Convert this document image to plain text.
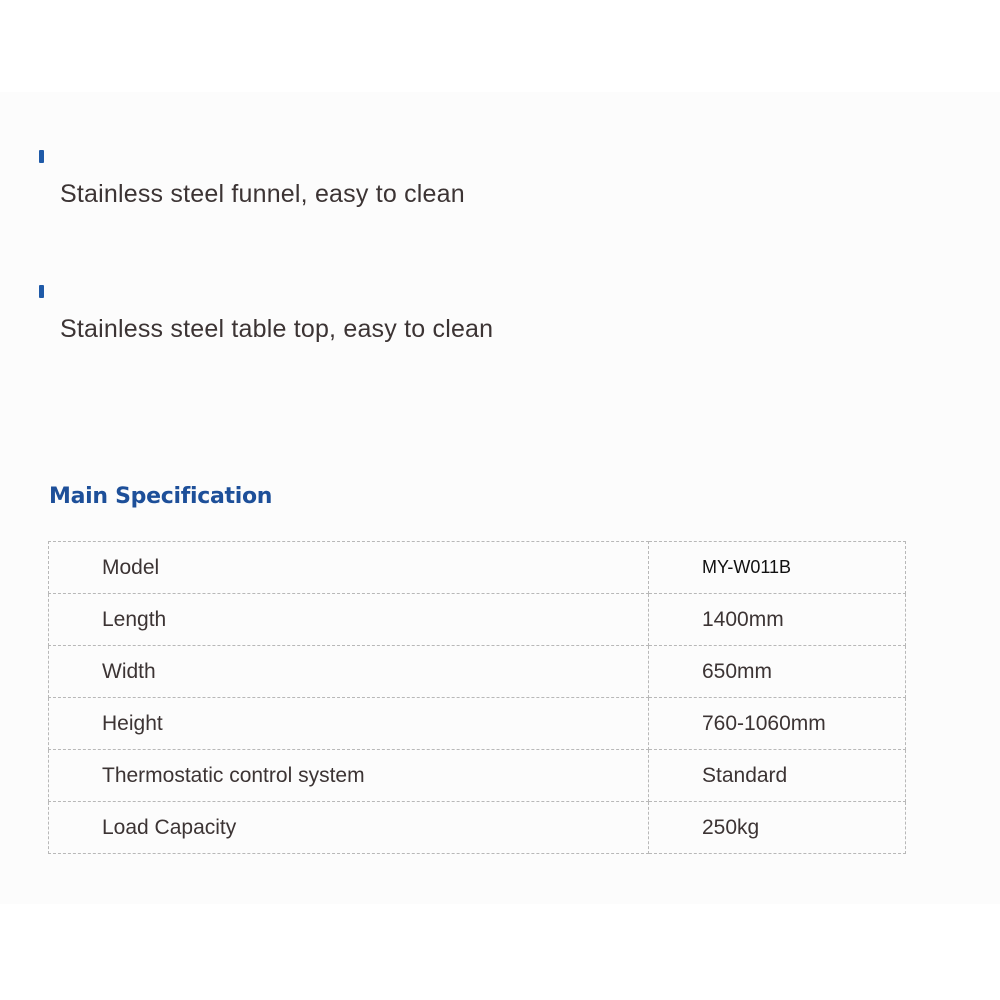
Stainless steel funnel, easy to clean
Stainless steel table top, easy to clean
Main Specification
Model	MY-W011B
Length	1400mm
Width	650mm
Height	760-1060mm
Thermostatic control system	Standard
Load Capacity	250kg
